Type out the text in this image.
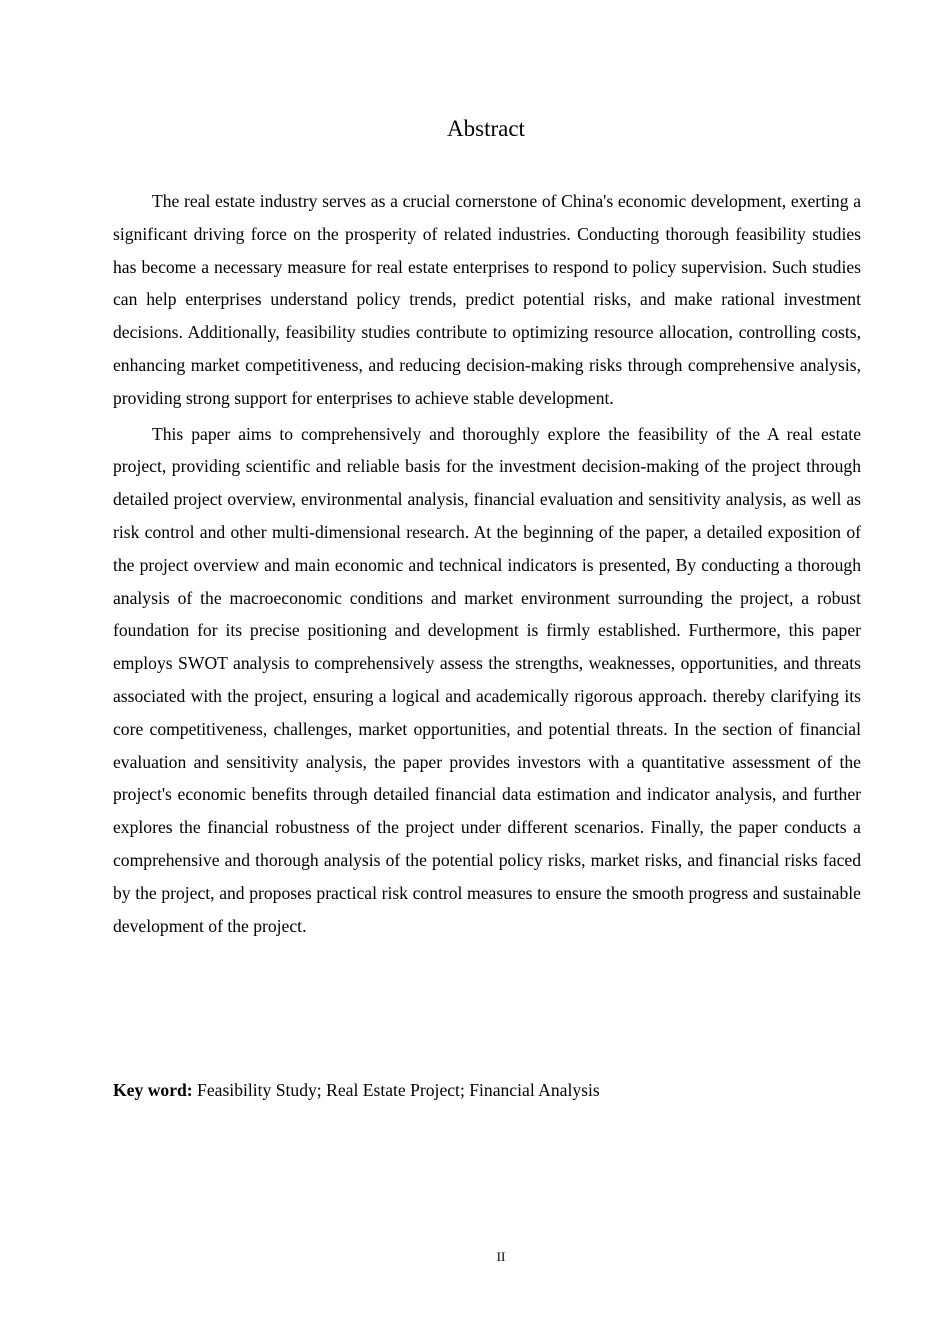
Abstract

The real estate industry serves as a crucial cornerstone of China's economic development, exerting a significant driving force on the prosperity of related industries. Conducting thorough feasibility studies has become a necessary measure for real estate enterprises to respond to policy supervision. Such studies can help enterprises understand policy trends, predict potential risks, and make rational investment decisions. Additionally, feasibility studies contribute to optimizing resource allocation, controlling costs, enhancing market competitiveness, and reducing decision-making risks through comprehensive analysis, providing strong support for enterprises to achieve stable development.

This paper aims to comprehensively and thoroughly explore the feasibility of the A real estate project, providing scientific and reliable basis for the investment decision-making of the project through detailed project overview, environmental analysis, financial evaluation and sensitivity analysis, as well as risk control and other multi-dimensional research. At the beginning of the paper, a detailed exposition of the project overview and main economic and technical indicators is presented, By conducting a thorough analysis of the macroeconomic conditions and market environment surrounding the project, a robust foundation for its precise positioning and development is firmly established. Furthermore, this paper employs SWOT analysis to comprehensively assess the strengths, weaknesses, opportunities, and threats associated with the project, ensuring a logical and academically rigorous approach. thereby clarifying its core competitiveness, challenges, market opportunities, and potential threats. In the section of financial evaluation and sensitivity analysis, the paper provides investors with a quantitative assessment of the project's economic benefits through detailed financial data estimation and indicator analysis, and further explores the financial robustness of the project under different scenarios. Finally, the paper conducts a comprehensive and thorough analysis of the potential policy risks, market risks, and financial risks faced by the project, and proposes practical risk control measures to ensure the smooth progress and sustainable development of the project.

Key word: Feasibility Study; Real Estate Project; Financial Analysis

II
